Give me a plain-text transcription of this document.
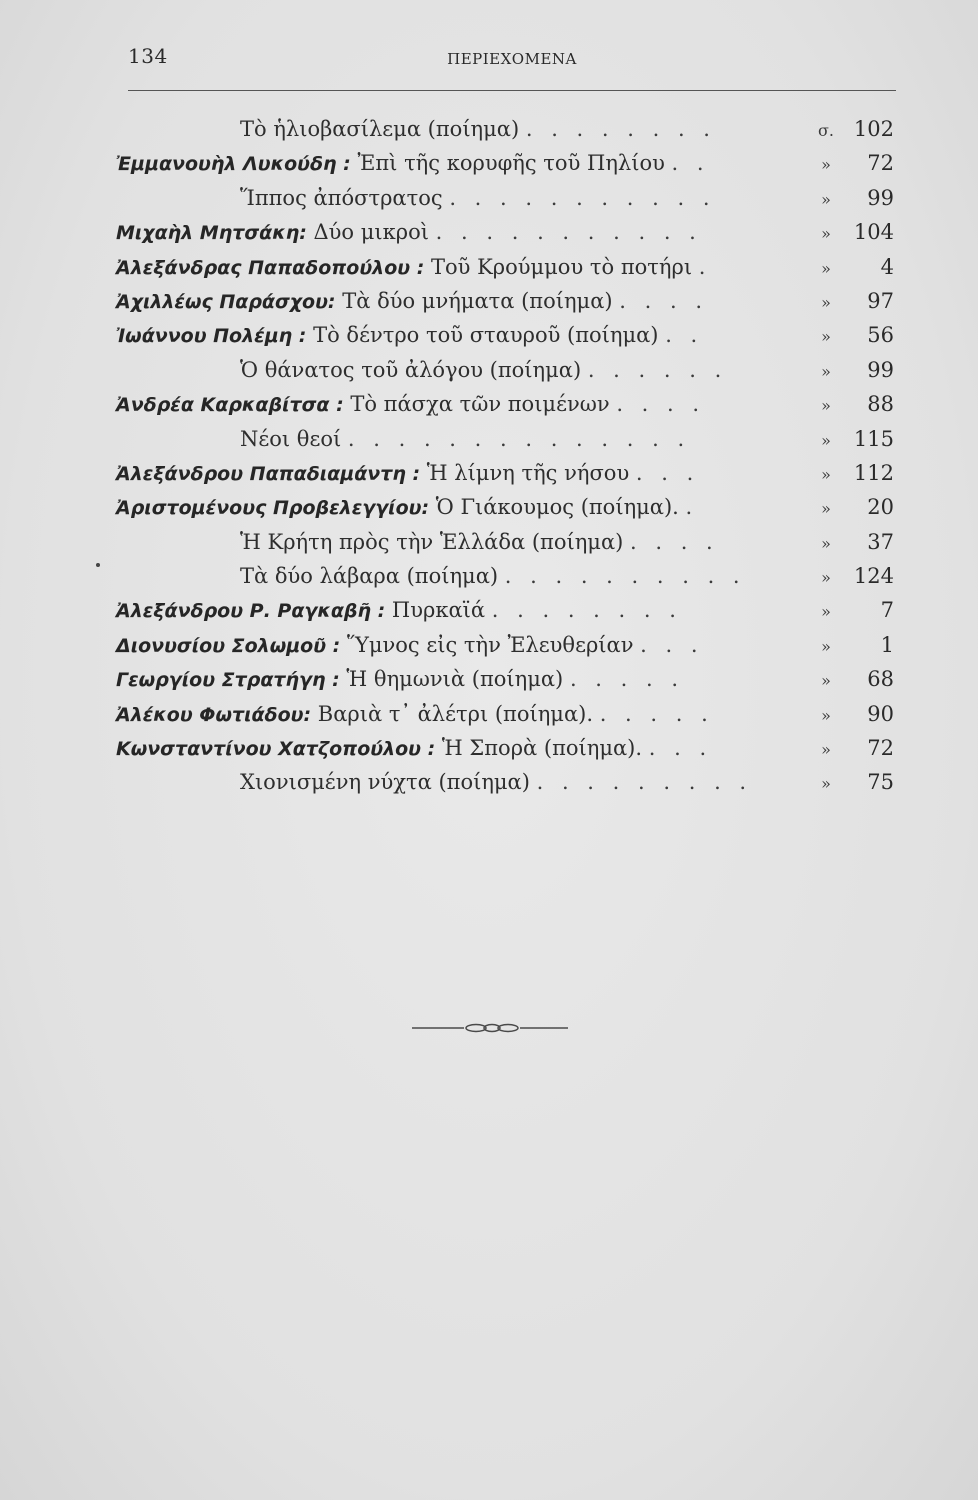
134	ΠΕΡΙΕΧΟΜΕΝΑ
Τὸ ἡλιοβασίλεμα (ποίημα) . . . . . . . .	σ. 102
Ἐμμανουὴλ Λυκούδη : Ἐπὶ τῆς κορυφῆς τοῦ Πηλίου . .	» 72
Ἵππος ἀπόστρατος . . . . . . . . . . .	» 99
Μιχαὴλ Μητσάκη: Δύο μικροὶ . . . . . . . . . . .	» 104
Ἀλεξάνδρας Παπαδοπούλου : Τοῦ Κρούμμου τὸ ποτήρι .	» 4
Ἀχιλλέως Παράσχου: Τὰ δύο μνήματα (ποίημα) . . . .	» 97
Ἰωάννου Πολέμη : Τὸ δέντρο τοῦ σταυροῦ (ποίημα) . .	» 56
Ὁ θάνατος τοῦ ἀλόγου (ποίημα) . . . . . .	» 99
Ἀνδρέα Καρκαβίτσα : Τὸ πάσχα τῶν ποιμένων . . . .	» 88
Νέοι θεοί . . . . . . . . . . . . . .	» 115
Ἀλεξάνδρου Παπαδιαμάντη : Ἡ λίμνη τῆς νήσου . . .	» 112
Ἀριστομένους Προβελεγγίου: Ὁ Γιάκουμος (ποίημα). .	» 20
Ἡ Κρήτη πρὸς τὴν Ἑλλάδα (ποίημα) . . . .	» 37
Τὰ δύο λάβαρα (ποίημα) . . . . . . . . . .	» 124
Ἀλεξάνδρου Ρ. Ραγκαβῆ : Πυρκαϊά . . . . . . . .	» 7
Διονυσίου Σολωμοῦ : Ὕμνος εἰς τὴν Ἐλευθερίαν . . .	» 1
Γεωργίου Στρατήγη : Ἡ θημωνιὰ (ποίημα) . . . . .	» 68
Ἀλέκου Φωτιάδου: Βαριὰ τ᾽ ἀλέτρι (ποίημα). . . . . .	» 90
Κωνσταντίνου Χατζοπούλου : Ἡ Σπορὰ (ποίημα). . . .	» 72
Χιονισμένη νύχτα (ποίημα) . . . . . . . . .	» 75
